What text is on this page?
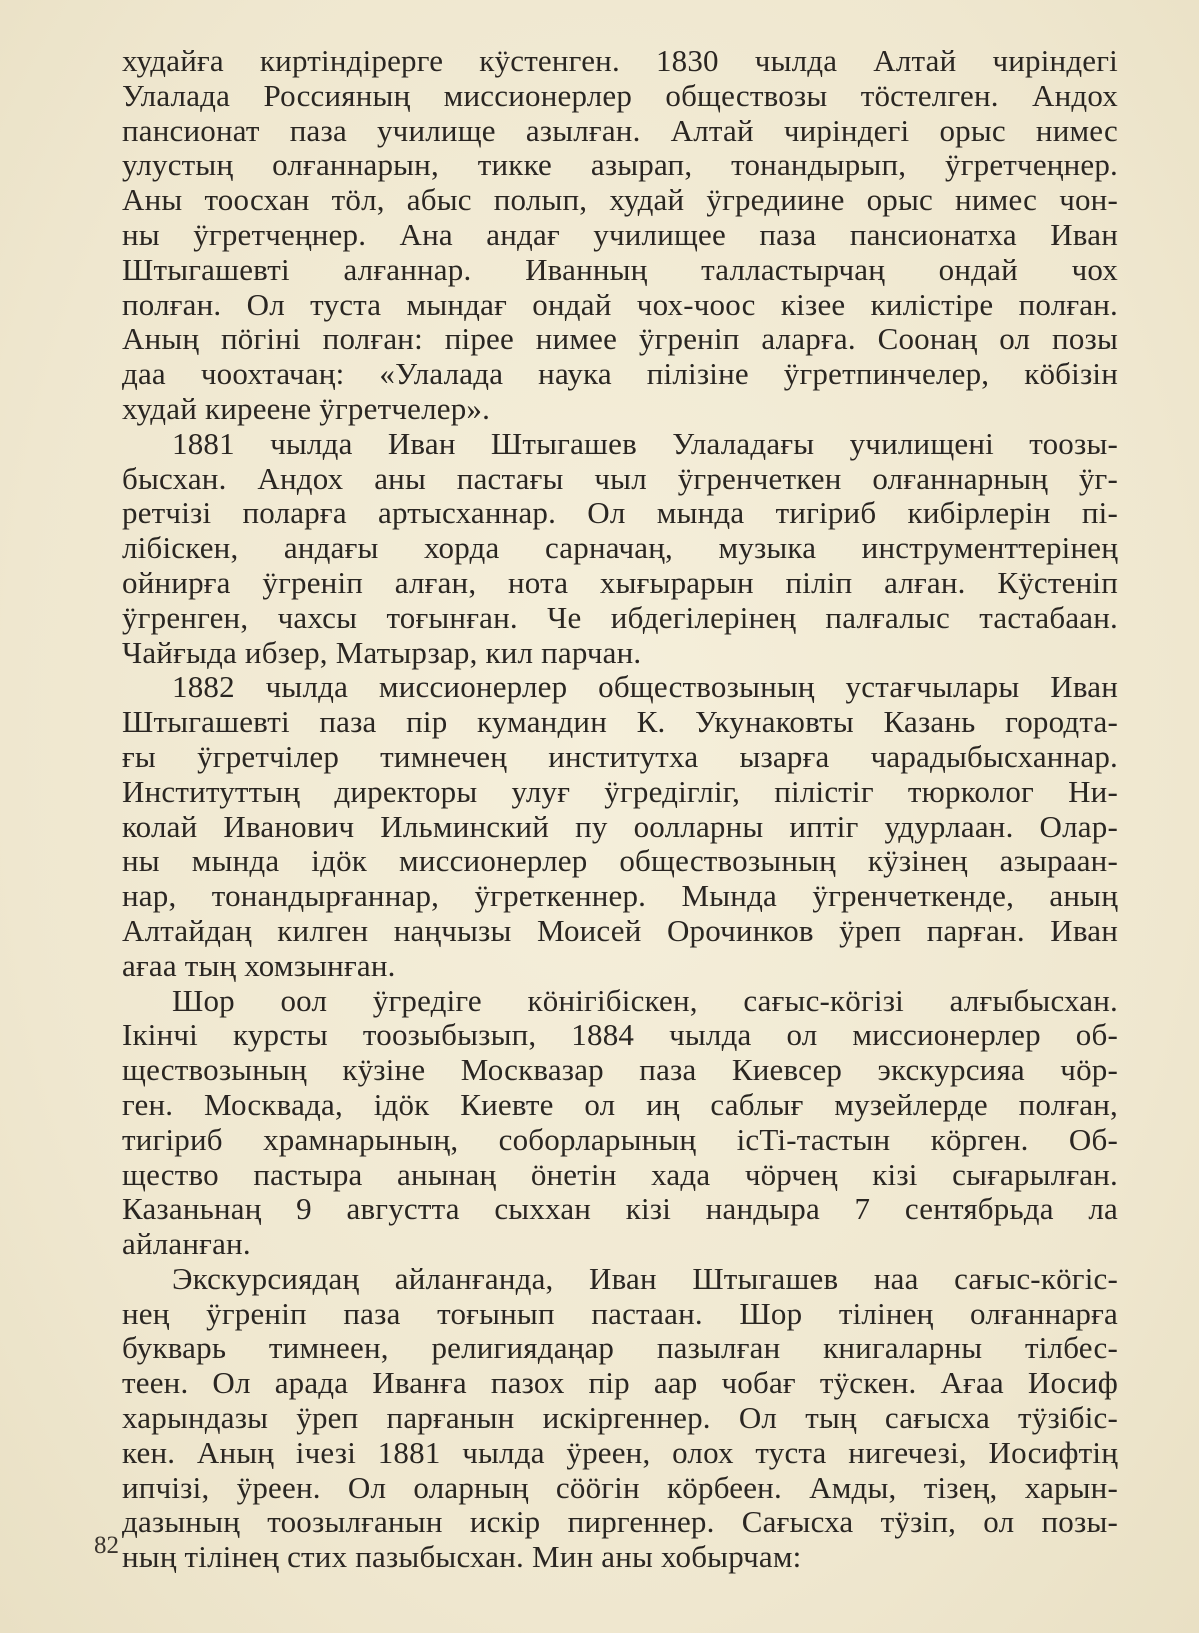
худайға киртіндірерге кӱстенген. 1830 чылда Алтай чиріндегі
Улалада Россияның миссионерлер обществозы тӧстелген. Андох
пансионат паза училище азылған. Алтай чиріндегі орыс нимес
улустың олғаннарын, тикке азырап, тонандырып, ӱгретчеңнер.
Аны тоосхан тӧл, абыс полып, худай ӱгредиине орыс нимес чон-
ны ӱгретчеңнер. Ана андағ училищее паза пансионатха Иван
Штыгашевті алғаннар. Иванның талластырчаң ондай чох
полған. Ол туста мындағ ондай чох-чоос кізее килістіре полған.
Аның пӧгіні полған: пірее нимее ӱгреніп аларға. Соонаң ол позы
даа чоохтачаң: «Улалада наука пілізіне ӱгретпинчелер, кӧбізін
худай киреене ӱгретчелер».
1881 чылда Иван Штыгашев Улаладағы училищені тоозы-
бысхан. Андох аны пастағы чыл ӱгренчеткен олғаннарның ӱг-
ретчізі поларға артысханнар. Ол мында тигіриб кибірлерін пі-
лібіскен, андағы хорда сарначаң, музыка инструменттерінең
ойнирға ӱгреніп алған, нота хығырарын пiлiп алған. Кӱстеніп
ӱгренген, чахсы тоғынған. Че ибдегілерінең палғалыс тастабаан.
Чайғыда ибзер, Матырзар, кил парчан.
1882 чылда миссионерлер обществозының устағчылары Иван
Штыгашевті паза пір кумандин К. Укунаковты Казань городта-
ғы ӱгретчілер тимнечең институтха ызарға чарадыбысханнар.
Институттың директоры улуғ ӱгредігліг, пілістіг тюрколог Ни-
колай Иванович Ильминский пу оолларны иптіг удурлаан. Олар-
ны мында ідӧк миссионерлер обществозының кӱзінең азыраан-
нар, тонандырғаннар, ӱгреткеннер. Мында ӱгренчеткенде, аның
Алтайдаң килген наңчызы Моисей Орочинков ӱреп парған. Иван
ағаа тың хомзынған.
Шор оол ӱгредіге кӧнігібіскен, сағыс-кӧгізі алғыбысхан.
Ікінчі курсты тоозыбызып, 1884 чылда ол миссионерлер об-
ществозының кӱзіне Москвазар паза Киевсер экскурсияа чӧр-
ген. Москвада, ідӧк Киевте ол иң саблығ музейлерде полған,
тигіриб храмнарының, соборларының ісTi-тастын кӧрген. Об-
щество пастыра анынаң ӧнетін хада чӧрчең кізі сығарылған.
Казаньнаң 9 августта сыххан кізі нандыра 7 сентябрьда ла
айланған.
Экскурсиядаң айланғанда, Иван Штыгашев наа сағыс-кӧгіс-
нең ӱгреніп паза тоғынып пастаан. Шор тілінең олғаннарға
букварь тимнеен, религиядаңар пазылған книгаларны тілбес-
теен. Ол арада Иванға пазох пір аар чобағ тӱскен. Ағаа Иосиф
харындазы ӱреп парғанын искіргеннер. Ол тың сағысха тӱзібіс-
кен. Аның ічезі 1881 чылда ӱреен, олох туста нигечезі, Иосифтің
ипчізі, ӱреен. Ол оларның сӧӧгін кӧрбеен. Амды, тізең, харын-
дазының тоозылғанын искір пиргеннер. Сағысха тӱзіп, ол позы-
ның тілінең стих пазыбысхан. Мин аны хобырчам:
82
